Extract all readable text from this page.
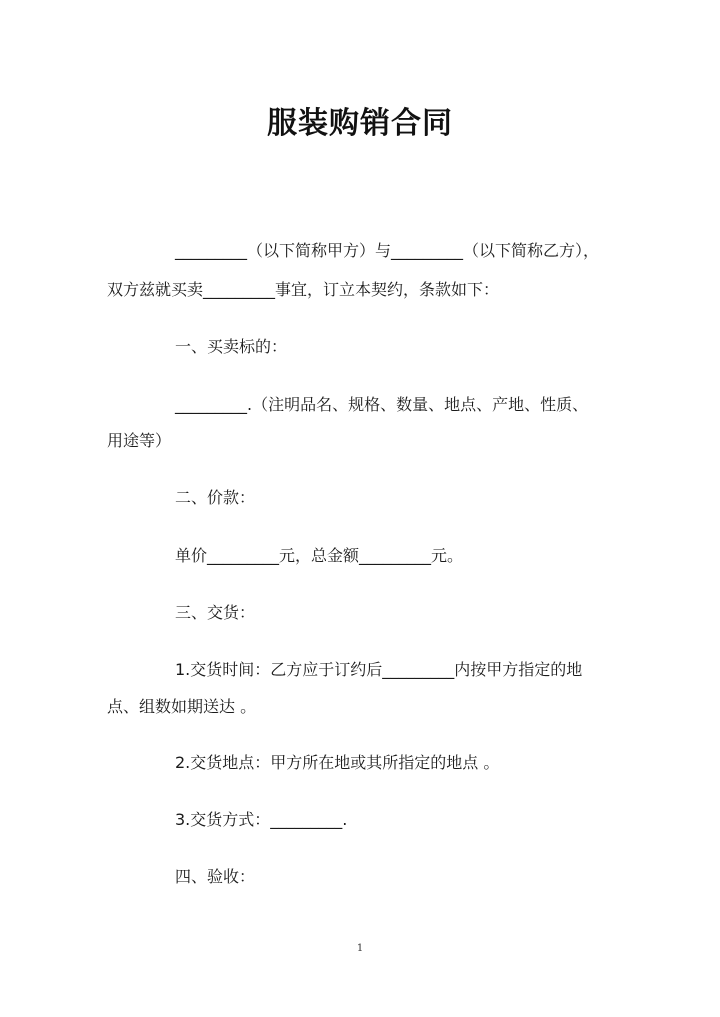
服装购销合同
_________（以下简称甲方）与_________（以下简称乙方），
双方兹就买卖_________事宜，订立本契约，条款如下：
一、买卖标的：
_________.（注明品名、规格、数量、地点、产地、性质、
用途等）
二、价款：
单价_________元，总金额_________元。
三、交货：
1.交货时间：乙方应于订约后_________内按甲方指定的地
点、组数如期送达 。
2.交货地点：甲方所在地或其所指定的地点 。
3.交货方式：_________.
四、验收：
1
